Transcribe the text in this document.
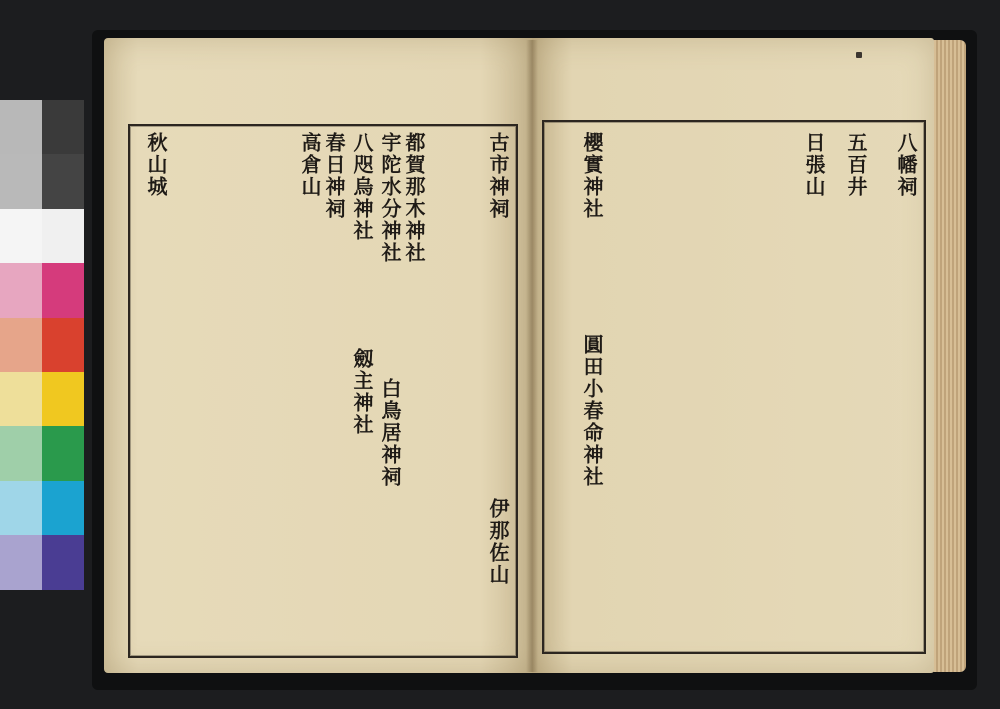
八幡祠
日張山
櫻實神社	五百井
圓田小春命神社
古市神祠
都賀那木神社
宇陀水分神社
八咫烏神社
春日神祠
高倉山
白鳥居神祠
劔主神社
伊那佐山
秋山城
